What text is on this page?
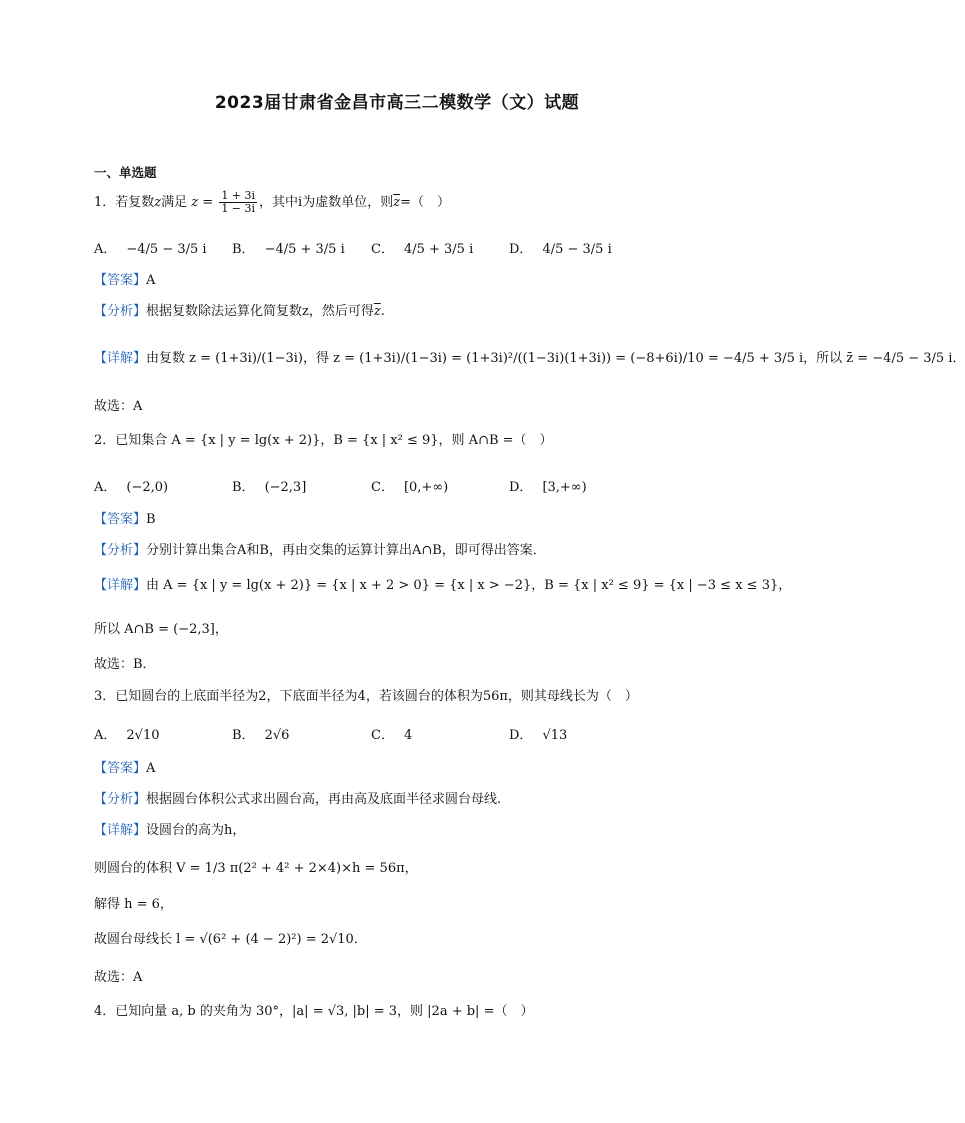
2023届甘肃省金昌市高三二模数学（文）试题
一、单选题
1．若复数z满足 $z = \frac{1 + 3i}{1 - 3i}$ ，其中i为虚数单位，则$\overline{z}=$（　）
A． −4/5 − 3/5 i B． −4/5 + 3/5 i C． 4/5 + 3/5 i	D． 4/5 − 3/5 i
【答案】A
【分析】根据复数除法运算化简复数z，然后可得$\overline{z}$.
【详解】由复数 z = (1+3i)/(1−3i)，得 z = (1+3i)/(1−3i) = (1+3i)²/((1−3i)(1+3i)) = (−8+6i)/10 = −4/5 + 3/5 i，所以 z̄ = −4/5 − 3/5 i．
故选：A
2．已知集合 A = {x | y = lg(x + 2)}，B = {x | x² ≤ 9}，则 A∩B =（　）
A． (−2,0)	B． (−2,3]	C． [0,+∞)	D． [3,+∞)
【答案】B
【分析】分别计算出集合A和B，再由交集的运算计算出A∩B，即可得出答案．
【详解】由 A = {x | y = lg(x + 2)} = {x | x + 2 > 0} = {x | x > −2}，B = {x | x² ≤ 9} = {x | −3 ≤ x ≤ 3}，
所以 A∩B = (−2,3]，
故选：B．
3．已知圆台的上底面半径为2，下底面半径为4，若该圆台的体积为56π，则其母线长为（　）
A． 2√10	B． 2√6	C． 4	D． √13
【答案】A
【分析】根据圆台体积公式求出圆台高，再由高及底面半径求圆台母线.
【详解】设圆台的高为h，
则圆台的体积 V = 1/3 π(2² + 4² + 2×4)×h = 56π，
解得 h = 6，
故圆台母线长 l = √(6² + (4 − 2)²) = 2√10．
故选：A
4．已知向量 a, b 的夹角为 30°，|a| = √3, |b| = 3，则 |2a + b| =（　）
